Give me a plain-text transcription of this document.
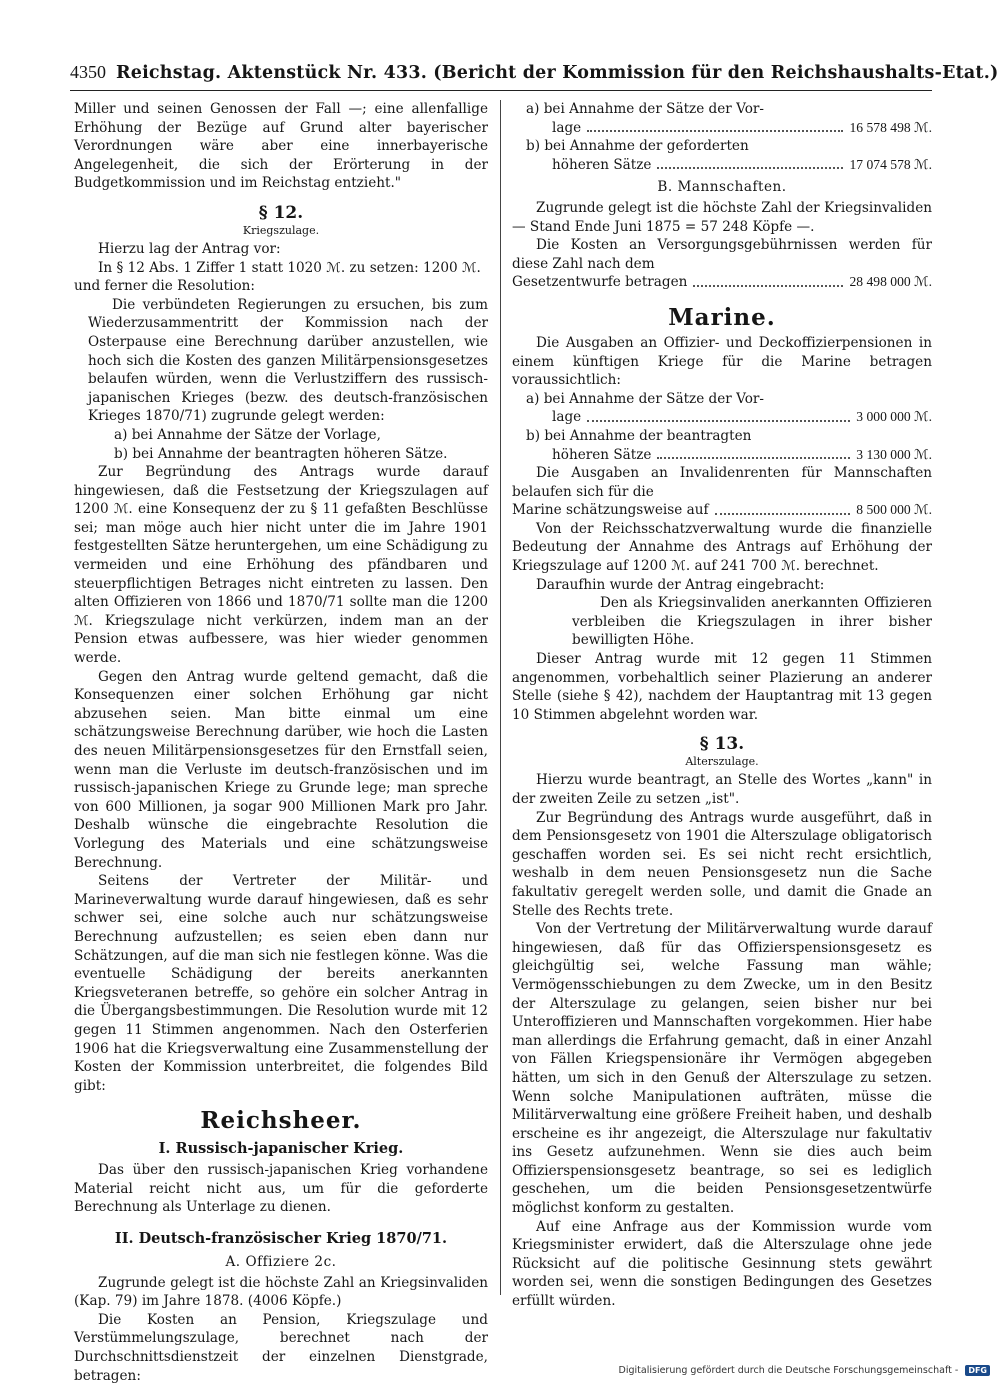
4350 Reichstag. Aktenstück Nr. 433. (Bericht der Kommission für den Reichshaushalts-Etat.)

Miller und seinen Genossen der Fall —; eine allenfallige Erhöhung der Bezüge auf Grund alter bayerischer Verordnungen wäre aber eine innerbayerische Angelegenheit, die sich der Erörterung in der Budgetkommission und im Reichstag entzieht."

§ 12.
Kriegszulage.

Hierzu lag der Antrag vor:

In § 12 Abs. 1 Ziffer 1 statt 1020 ℳ. zu setzen: 1200 ℳ.

und ferner die Resolution:

Die verbündeten Regierungen zu ersuchen, bis zum Wiederzusammentritt der Kommission nach der Osterpause eine Berechnung darüber anzustellen, wie hoch sich die Kosten des ganzen Militärpensionsgesetzes belaufen würden, wenn die Verlustziffern des russisch-japanischen Krieges (bezw. des deutsch-französischen Krieges 1870/71) zugrunde gelegt werden:

a) bei Annahme der Sätze der Vorlage,

b) bei Annahme der beantragten höheren Sätze.

Zur Begründung des Antrags wurde darauf hingewiesen, daß die Festsetzung der Kriegszulagen auf 1200 ℳ. eine Konsequenz der zu § 11 gefaßten Beschlüsse sei; man möge auch hier nicht unter die im Jahre 1901 festgestellten Sätze heruntergehen, um eine Schädigung zu vermeiden und eine Erhöhung des pfändbaren und steuerpflichtigen Betrages nicht eintreten zu lassen. Den alten Offizieren von 1866 und 1870/71 sollte man die 1200 ℳ. Kriegszulage nicht verkürzen, indem man an der Pension etwas aufbessere, was hier wieder genommen werde.

Gegen den Antrag wurde geltend gemacht, daß die Konsequenzen einer solchen Erhöhung gar nicht abzusehen seien. Man bitte einmal um eine schätzungsweise Berechnung darüber, wie hoch die Lasten des neuen Militärpensionsgesetzes für den Ernstfall seien, wenn man die Verluste im deutsch-französischen und im russisch-japanischen Kriege zu Grunde lege; man spreche von 600 Millionen, ja sogar 900 Millionen Mark pro Jahr. Deshalb wünsche die eingebrachte Resolution die Vorlegung des Materials und eine schätzungsweise Berechnung.

Seitens der Vertreter der Militär- und Marineverwaltung wurde darauf hingewiesen, daß es sehr schwer sei, eine solche auch nur schätzungsweise Berechnung aufzustellen; es seien eben dann nur Schätzungen, auf die man sich nie festlegen könne. Was die eventuelle Schädigung der bereits anerkannten Kriegsveteranen betreffe, so gehöre ein solcher Antrag in die Übergangsbestimmungen. Die Resolution wurde mit 12 gegen 11 Stimmen angenommen. Nach den Osterferien 1906 hat die Kriegsverwaltung eine Zusammenstellung der Kosten der Kommission unterbreitet, die folgendes Bild gibt:

Reichsheer.
I. Russisch-japanischer Krieg.

Das über den russisch-japanischen Krieg vorhandene Material reicht nicht aus, um für die geforderte Berechnung als Unterlage zu dienen.

II. Deutsch-französischer Krieg 1870/71.
A. Offiziere 2c.

Zugrunde gelegt ist die höchste Zahl an Kriegsinvaliden (Kap. 79) im Jahre 1878. (4006 Köpfe.)

Die Kosten an Pension, Kriegszulage und Verstümmelungszulage, berechnet nach der Durchschnittsdienstzeit der einzelnen Dienstgrade, betragen:

a) bei Annahme der Sätze der Vor-

lage	16 578 498 ℳ.

b) bei Annahme der geforderten

höheren Sätze	17 074 578 ℳ.
B. Mannschaften.

Zugrunde gelegt ist die höchste Zahl der Kriegsinvaliden — Stand Ende Juni 1875 = 57 248 Köpfe —.

Die Kosten an Versorgungsgebührnissen werden für diese Zahl nach dem

Gesetzentwurfe betragen	28 498 000 ℳ.
Marine.

Die Ausgaben an Offizier- und Deckoffizierpensionen in einem künftigen Kriege für die Marine betragen voraussichtlich:

a) bei Annahme der Sätze der Vor-

lage	3 000 000 ℳ.

b) bei Annahme der beantragten

höheren Sätze	3 130 000 ℳ.

Die Ausgaben an Invalidenrenten für Mannschaften belaufen sich für die

Marine schätzungsweise auf	8 500 000 ℳ.

Von der Reichsschatzverwaltung wurde die finanzielle Bedeutung der Annahme des Antrags auf Erhöhung der Kriegszulage auf 1200 ℳ. auf 241 700 ℳ. berechnet.

Daraufhin wurde der Antrag eingebracht:

Den als Kriegsinvaliden anerkannten Offizieren verbleiben die Kriegszulagen in ihrer bisher bewilligten Höhe.

Dieser Antrag wurde mit 12 gegen 11 Stimmen angenommen, vorbehaltlich seiner Plazierung an anderer Stelle (siehe § 42), nachdem der Hauptantrag mit 13 gegen 10 Stimmen abgelehnt worden war.

§ 13.
Alterszulage.

Hierzu wurde beantragt, an Stelle des Wortes „kann" in der zweiten Zeile zu setzen „ist".

Zur Begründung des Antrags wurde ausgeführt, daß in dem Pensionsgesetz von 1901 die Alterszulage obligatorisch geschaffen worden sei. Es sei nicht recht ersichtlich, weshalb in dem neuen Pensionsgesetz nun die Sache fakultativ geregelt werden solle, und damit die Gnade an Stelle des Rechts trete.

Von der Vertretung der Militärverwaltung wurde darauf hingewiesen, daß für das Offizierspensionsgesetz es gleichgültig sei, welche Fassung man wähle; Vermögensschiebungen zu dem Zwecke, um in den Besitz der Alterszulage zu gelangen, seien bisher nur bei Unteroffizieren und Mannschaften vorgekommen. Hier habe man allerdings die Erfahrung gemacht, daß in einer Anzahl von Fällen Kriegspensionäre ihr Vermögen abgegeben hätten, um sich in den Genuß der Alterszulage zu setzen. Wenn solche Manipulationen aufträten, müsse die Militärverwaltung eine größere Freiheit haben, und deshalb erscheine es ihr angezeigt, die Alterszulage nur fakultativ ins Gesetz aufzunehmen. Wenn sie dies auch beim Offizierspensionsgesetz beantrage, so sei es lediglich geschehen, um die beiden Pensionsgesetzentwürfe möglichst konform zu gestalten.

Auf eine Anfrage aus der Kommission wurde vom Kriegsminister erwidert, daß die Alterszulage ohne jede Rücksicht auf die politische Gesinnung stets gewährt worden sei, wenn die sonstigen Bedingungen des Gesetzes erfüllt würden.

Digitalisierung gefördert durch die Deutsche Forschungsgemeinschaft - DFG
